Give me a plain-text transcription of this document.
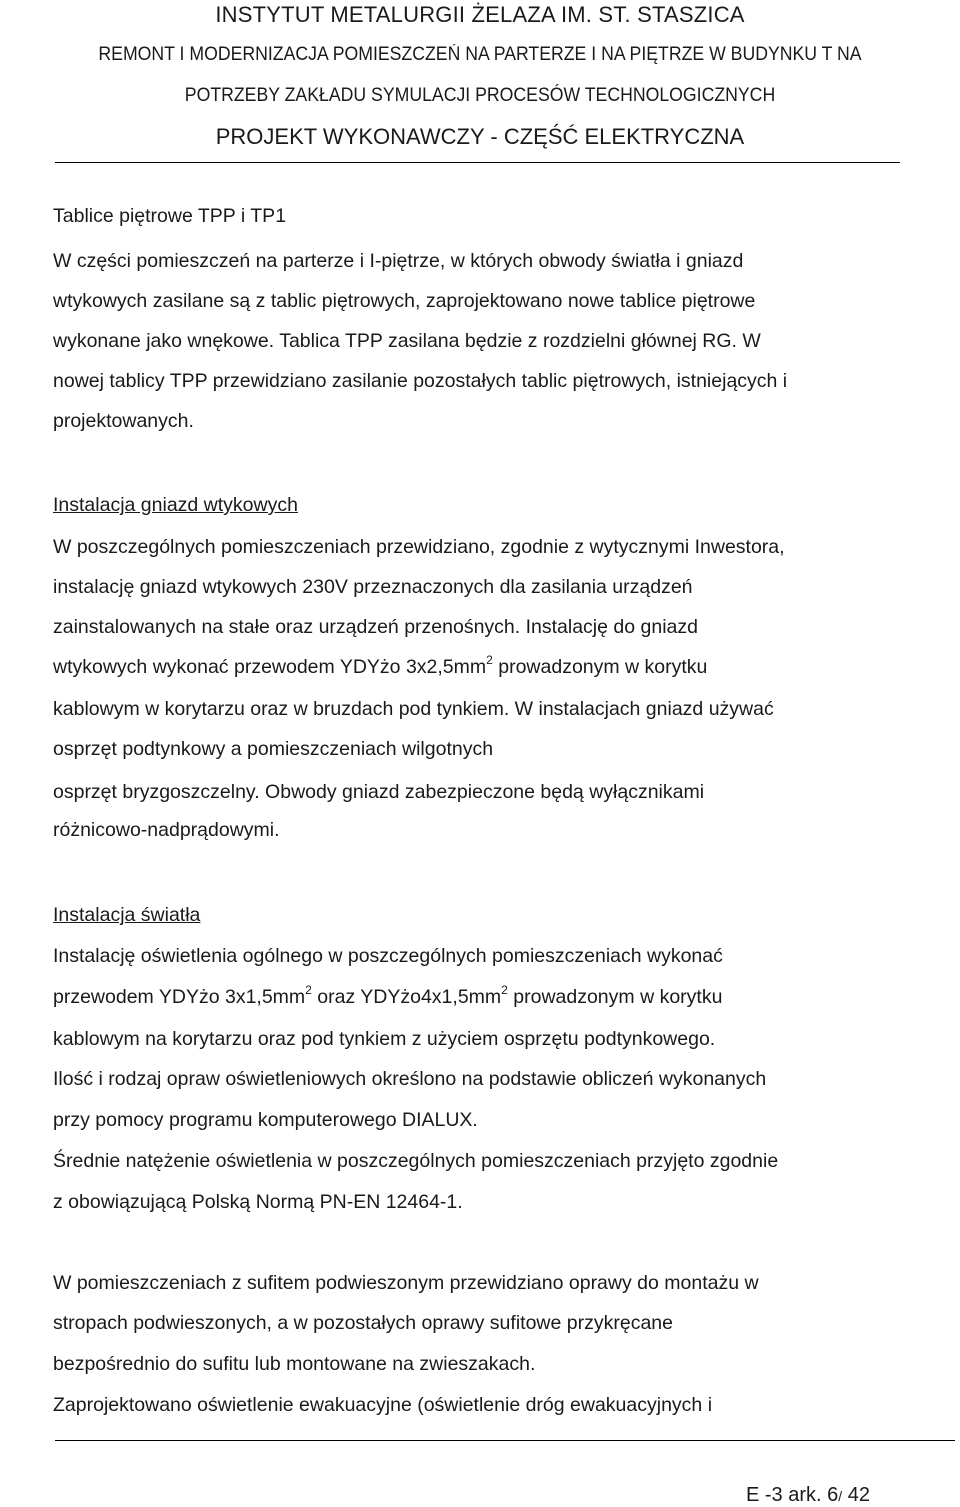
INSTYTUT METALURGII ŻELAZA IM. ST. STASZICA
REMONT I MODERNIZACJA POMIESZCZEŃ NA PARTERZE I NA PIĘTRZE W BUDYNKU T NA
POTRZEBY ZAKŁADU SYMULACJI PROCESÓW TECHNOLOGICZNYCH
PROJEKT WYKONAWCZY - CZĘŚĆ ELEKTRYCZNA
Tablice piętrowe TPP i TP1
W części pomieszczeń na parterze i I-piętrze, w których obwody światła i gniazd
wtykowych zasilane są z tablic piętrowych, zaprojektowano nowe tablice piętrowe
wykonane jako wnękowe. Tablica TPP zasilana będzie z rozdzielni głównej RG. W
nowej tablicy TPP przewidziano zasilanie pozostałych tablic piętrowych, istniejących i
projektowanych.
Instalacja gniazd wtykowych
W poszczególnych pomieszczeniach przewidziano, zgodnie z wytycznymi Inwestora,
instalację gniazd wtykowych 230V przeznaczonych dla zasilania urządzeń
zainstalowanych na stałe oraz urządzeń przenośnych. Instalację do gniazd
wtykowych wykonać przewodem YDYżo $3x2,5mm^2$ prowadzonym w korytku
kablowym w korytarzu oraz w bruzdach pod tynkiem. W instalacjach gniazd używać
osprzęt podtynkowy a pomieszczeniach wilgotnych
osprzęt bryzgoszczelny. Obwody gniazd zabezpieczone będą wyłącznikami
różnicowo-nadprądowymi.
Instalacja światła
Instalację oświetlenia ogólnego w poszczególnych pomieszczeniach wykonać
przewodem YDYżo $3x1,5mm^2$ oraz $YDYżo4x1,5mm^2$ prowadzonym w korytku
kablowym na korytarzu oraz pod tynkiem z użyciem osprzętu podtynkowego.
Ilość i rodzaj opraw oświetleniowych określono na podstawie obliczeń wykonanych
przy pomocy programu komputerowego DIALUX.
Średnie natężenie oświetlenia w poszczególnych pomieszczeniach przyjęto zgodnie
z obowiązującą Polską Normą PN-EN 12464-1.
W pomieszczeniach z sufitem podwieszonym przewidziano oprawy do montażu w
stropach podwieszonych, a w pozostałych oprawy sufitowe przykręcane
bezpośrednio do sufitu lub montowane na zwieszakach.
Zaprojektowano oświetlenie ewakuacyjne (oświetlenie dróg ewakuacyjnych i
E -3 ark. 6/ 42
